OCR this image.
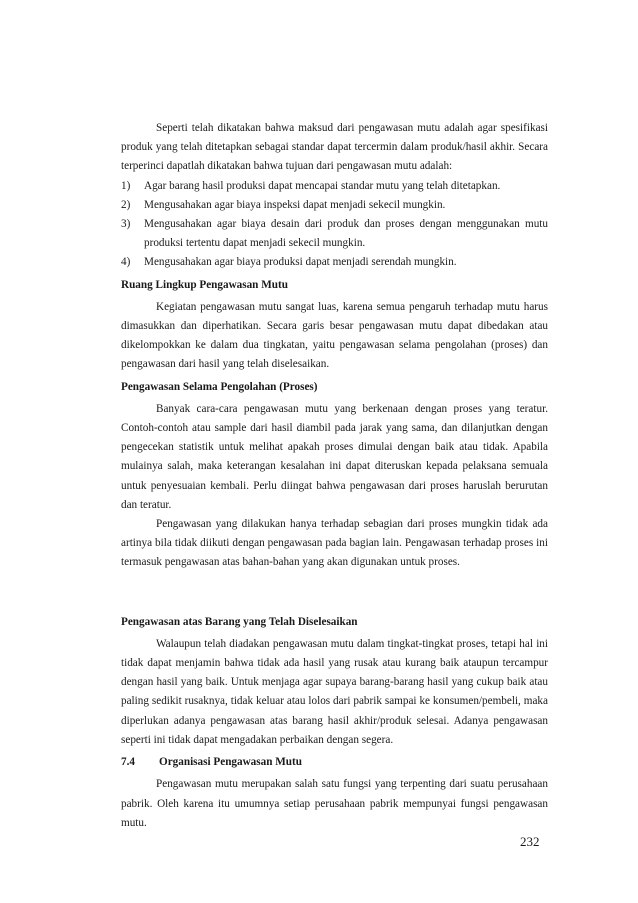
Seperti telah dikatakan bahwa maksud dari pengawasan mutu adalah agar spesifikasi produk yang telah ditetapkan sebagai standar dapat tercermin dalam produk/hasil akhir. Secara terperinci dapatlah dikatakan bahwa tujuan dari pengawasan mutu adalah:

1) Agar barang hasil produksi dapat mencapai standar mutu yang telah ditetapkan.
2) Mengusahakan agar biaya inspeksi dapat menjadi sekecil mungkin.
3) Mengusahakan agar biaya desain dari produk dan proses dengan menggunakan mutu produksi tertentu dapat menjadi sekecil mungkin.
4) Mengusahakan agar biaya produksi dapat menjadi serendah mungkin.

Ruang Lingkup Pengawasan Mutu

Kegiatan pengawasan mutu sangat luas, karena semua pengaruh terhadap mutu harus dimasukkan dan diperhatikan. Secara garis besar pengawasan mutu dapat dibedakan atau dikelompokkan ke dalam dua tingkatan, yaitu pengawasan selama pengolahan (proses) dan pengawasan dari hasil yang telah diselesaikan.

Pengawasan Selama Pengolahan (Proses)

Banyak cara-cara pengawasan mutu yang berkenaan dengan proses yang teratur. Contoh-contoh atau sample dari hasil diambil pada jarak yang sama, dan dilanjutkan dengan pengecekan statistik untuk melihat apakah proses dimulai dengan baik atau tidak. Apabila mulainya salah, maka keterangan kesalahan ini dapat diteruskan kepada pelaksana semuala untuk penyesuaian kembali. Perlu diingat bahwa pengawasan dari proses haruslah berurutan dan teratur.

Pengawasan yang dilakukan hanya terhadap sebagian dari proses mungkin tidak ada artinya bila tidak diikuti dengan pengawasan pada bagian lain. Pengawasan terhadap proses ini termasuk pengawasan atas bahan-bahan yang akan digunakan untuk proses.

Pengawasan atas Barang yang Telah Diselesaikan

Walaupun telah diadakan pengawasan mutu dalam tingkat-tingkat proses, tetapi hal ini tidak dapat menjamin bahwa tidak ada hasil yang rusak atau kurang baik ataupun tercampur dengan hasil yang baik. Untuk menjaga agar supaya barang-barang hasil yang cukup baik atau paling sedikit rusaknya, tidak keluar atau lolos dari pabrik sampai ke konsumen/pembeli, maka diperlukan adanya pengawasan atas barang hasil akhir/produk selesai. Adanya pengawasan seperti ini tidak dapat mengadakan perbaikan dengan segera.

7.4	Organisasi Pengawasan Mutu

Pengawasan mutu merupakan salah satu fungsi yang terpenting dari suatu perusahaan pabrik. Oleh karena itu umumnya setiap perusahaan pabrik mempunyai fungsi pengawasan mutu.

232
